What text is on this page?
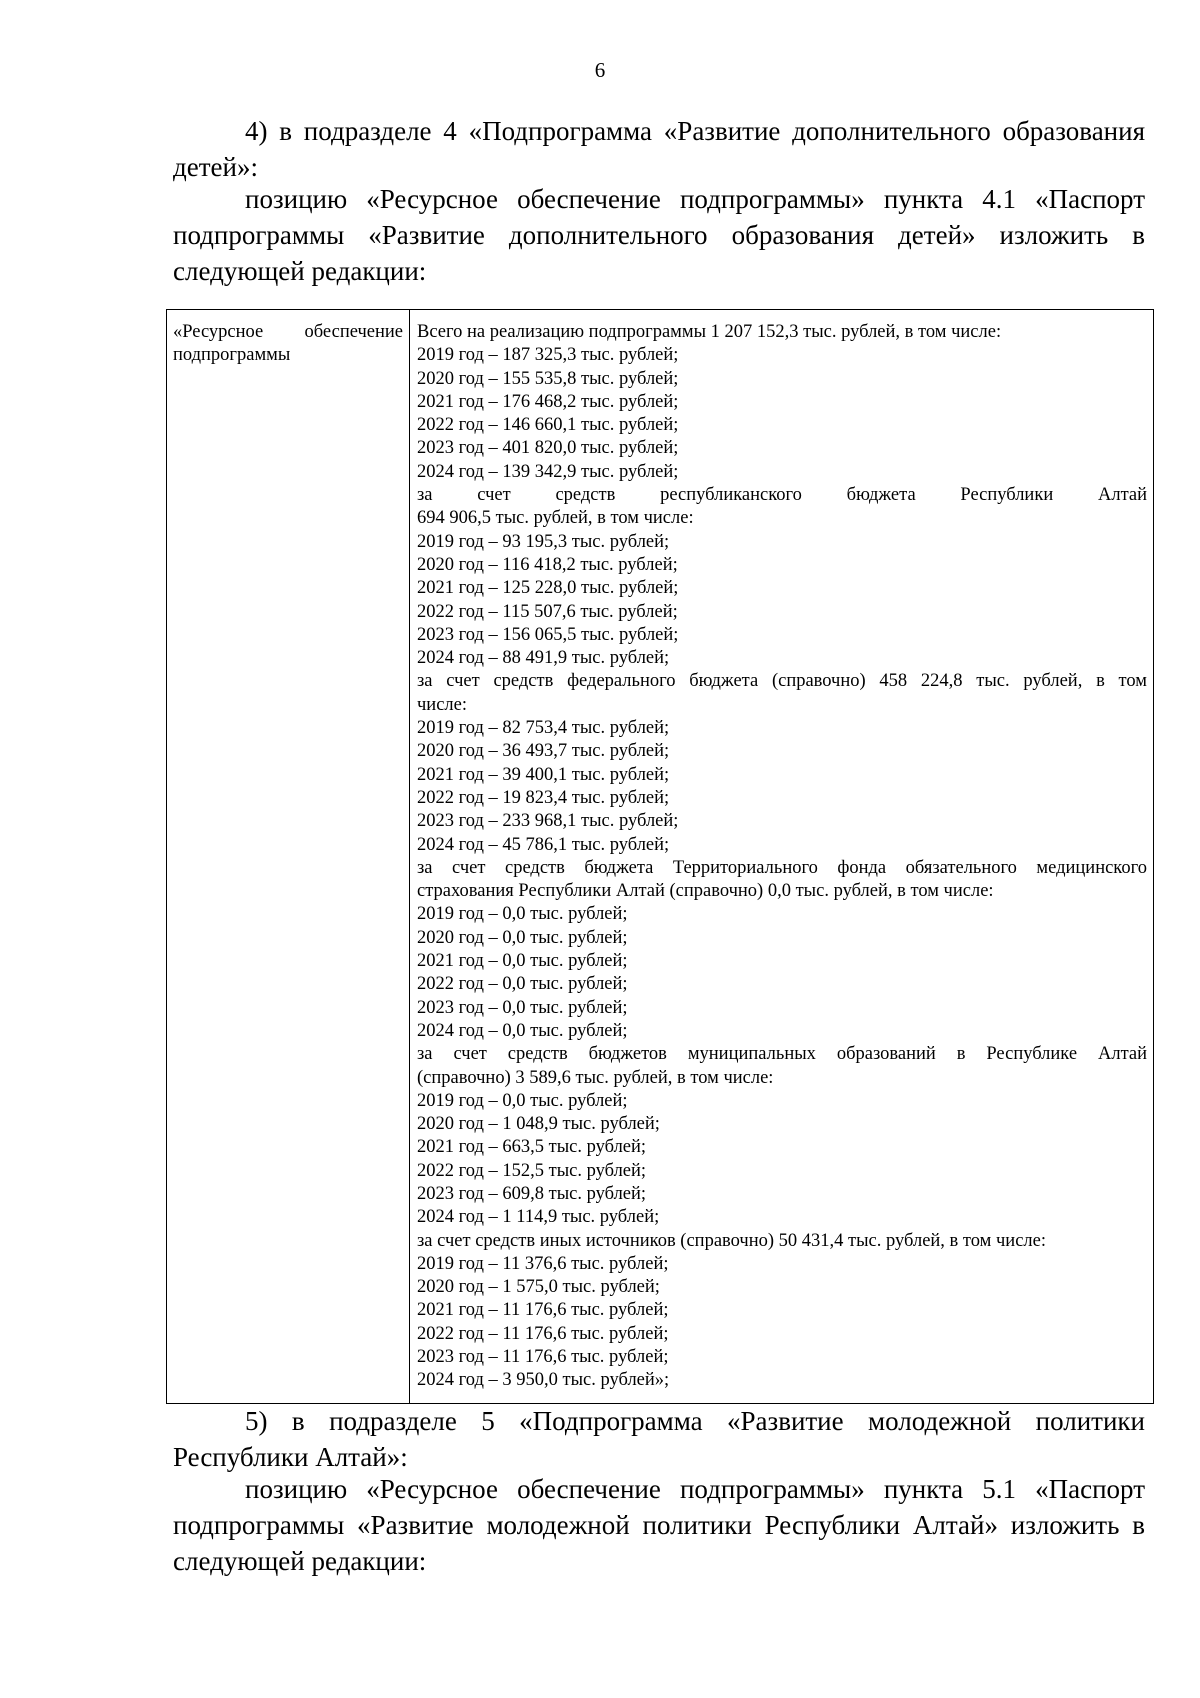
6

4) в подразделе 4 «Подпрограмма «Развитие дополнительного образования детей»:

позицию «Ресурсное обеспечение подпрограммы» пункта 4.1 «Паспорт подпрограммы «Развитие дополнительного образования детей» изложить в следующей редакции:

«Ресурсное обеспечение
подпрограммы
Всего на реализацию подпрограммы 1 207 152,3 тыс. рублей, в том числе:
2019 год – 187 325,3 тыс. рублей;
2020 год – 155 535,8 тыс. рублей;
2021 год – 176 468,2 тыс. рублей;
2022 год – 146 660,1 тыс. рублей;
2023 год – 401 820,0 тыс. рублей;
2024 год – 139 342,9 тыс. рублей;
за счет средств республиканского бюджета Республики Алтай
694 906,5 тыс. рублей, в том числе:
2019 год – 93 195,3 тыс. рублей;
2020 год – 116 418,2 тыс. рублей;
2021 год – 125 228,0 тыс. рублей;
2022 год – 115 507,6 тыс. рублей;
2023 год – 156 065,5 тыс. рублей;
2024 год – 88 491,9 тыс. рублей;
за счет средств федерального бюджета (справочно) 458 224,8 тыс. рублей, в том
числе:
2019 год – 82 753,4 тыс. рублей;
2020 год – 36 493,7 тыс. рублей;
2021 год – 39 400,1 тыс. рублей;
2022 год – 19 823,4 тыс. рублей;
2023 год – 233 968,1 тыс. рублей;
2024 год – 45 786,1 тыс. рублей;
за счет средств бюджета Территориального фонда обязательного медицинского
страхования Республики Алтай (справочно) 0,0 тыс. рублей, в том числе:
2019 год – 0,0 тыс. рублей;
2020 год – 0,0 тыс. рублей;
2021 год – 0,0 тыс. рублей;
2022 год – 0,0 тыс. рублей;
2023 год – 0,0 тыс. рублей;
2024 год – 0,0 тыс. рублей;
за счет средств бюджетов муниципальных образований в Республике Алтай
(справочно) 3 589,6 тыс. рублей, в том числе:
2019 год – 0,0 тыс. рублей;
2020 год – 1 048,9 тыс. рублей;
2021 год – 663,5 тыс. рублей;
2022 год – 152,5 тыс. рублей;
2023 год – 609,8 тыс. рублей;
2024 год – 1 114,9 тыс. рублей;
за счет средств иных источников (справочно) 50 431,4 тыс. рублей, в том числе:
2019 год – 11 376,6 тыс. рублей;
2020 год – 1 575,0 тыс. рублей;
2021 год – 11 176,6 тыс. рублей;
2022 год – 11 176,6 тыс. рублей;
2023 год – 11 176,6 тыс. рублей;
2024 год – 3 950,0 тыс. рублей»;

5) в подразделе 5 «Подпрограмма «Развитие молодежной политики Республики Алтай»:

позицию «Ресурсное обеспечение подпрограммы» пункта 5.1 «Паспорт подпрограммы «Развитие молодежной политики Республики Алтай» изложить в следующей редакции:
